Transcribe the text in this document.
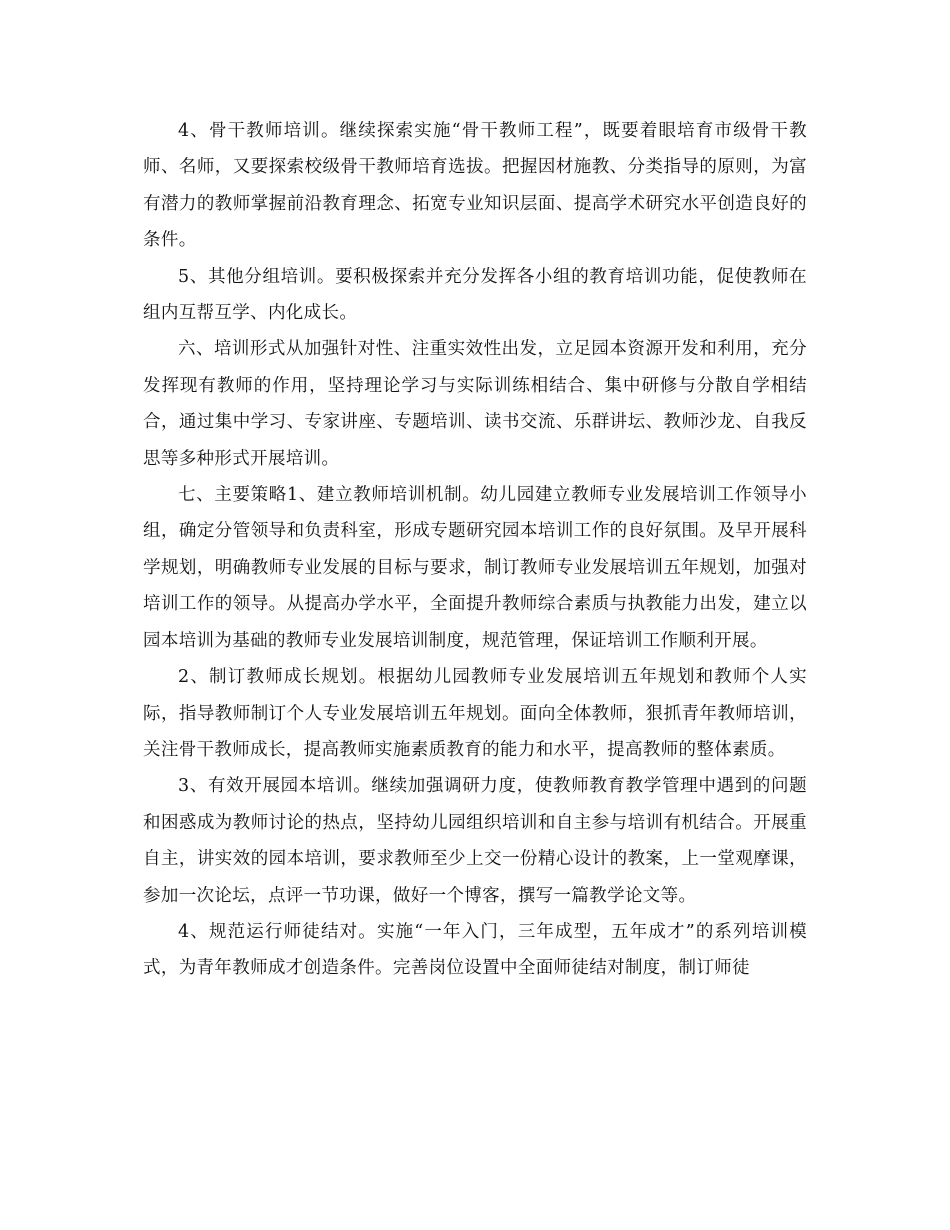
4、骨干教师培训。继续探索实施“骨干教师工程”，既要着眼培育市级骨干教师、名师，又要探索校级骨干教师培育选拔。把握因材施教、分类指导的原则，为富有潜力的教师掌握前沿教育理念、拓宽专业知识层面、提高学术研究水平创造良好的条件。

5、其他分组培训。要积极探索并充分发挥各小组的教育培训功能，促使教师在组内互帮互学、内化成长。

六、培训形式从加强针对性、注重实效性出发，立足园本资源开发和利用，充分发挥现有教师的作用，坚持理论学习与实际训练相结合、集中研修与分散自学相结合，通过集中学习、专家讲座、专题培训、读书交流、乐群讲坛、教师沙龙、自我反思等多种形式开展培训。

七、主要策略1、建立教师培训机制。幼儿园建立教师专业发展培训工作领导小组，确定分管领导和负责科室，形成专题研究园本培训工作的良好氛围。及早开展科学规划，明确教师专业发展的目标与要求，制订教师专业发展培训五年规划，加强对培训工作的领导。从提高办学水平，全面提升教师综合素质与执教能力出发，建立以园本培训为基础的教师专业发展培训制度，规范管理，保证培训工作顺利开展。

2、制订教师成长规划。根据幼儿园教师专业发展培训五年规划和教师个人实际，指导教师制订个人专业发展培训五年规划。面向全体教师，狠抓青年教师培训，关注骨干教师成长，提高教师实施素质教育的能力和水平，提高教师的整体素质。

3、有效开展园本培训。继续加强调研力度，使教师教育教学管理中遇到的问题和困惑成为教师讨论的热点，坚持幼儿园组织培训和自主参与培训有机结合。开展重自主，讲实效的园本培训，要求教师至少上交一份精心设计的教案，上一堂观摩课，参加一次论坛，点评一节功课，做好一个博客，撰写一篇教学论文等。

4、规范运行师徒结对。实施“一年入门，三年成型，五年成才”的系列培训模式，为青年教师成才创造条件。完善岗位设置中全面师徒结对制度，制订师徒
